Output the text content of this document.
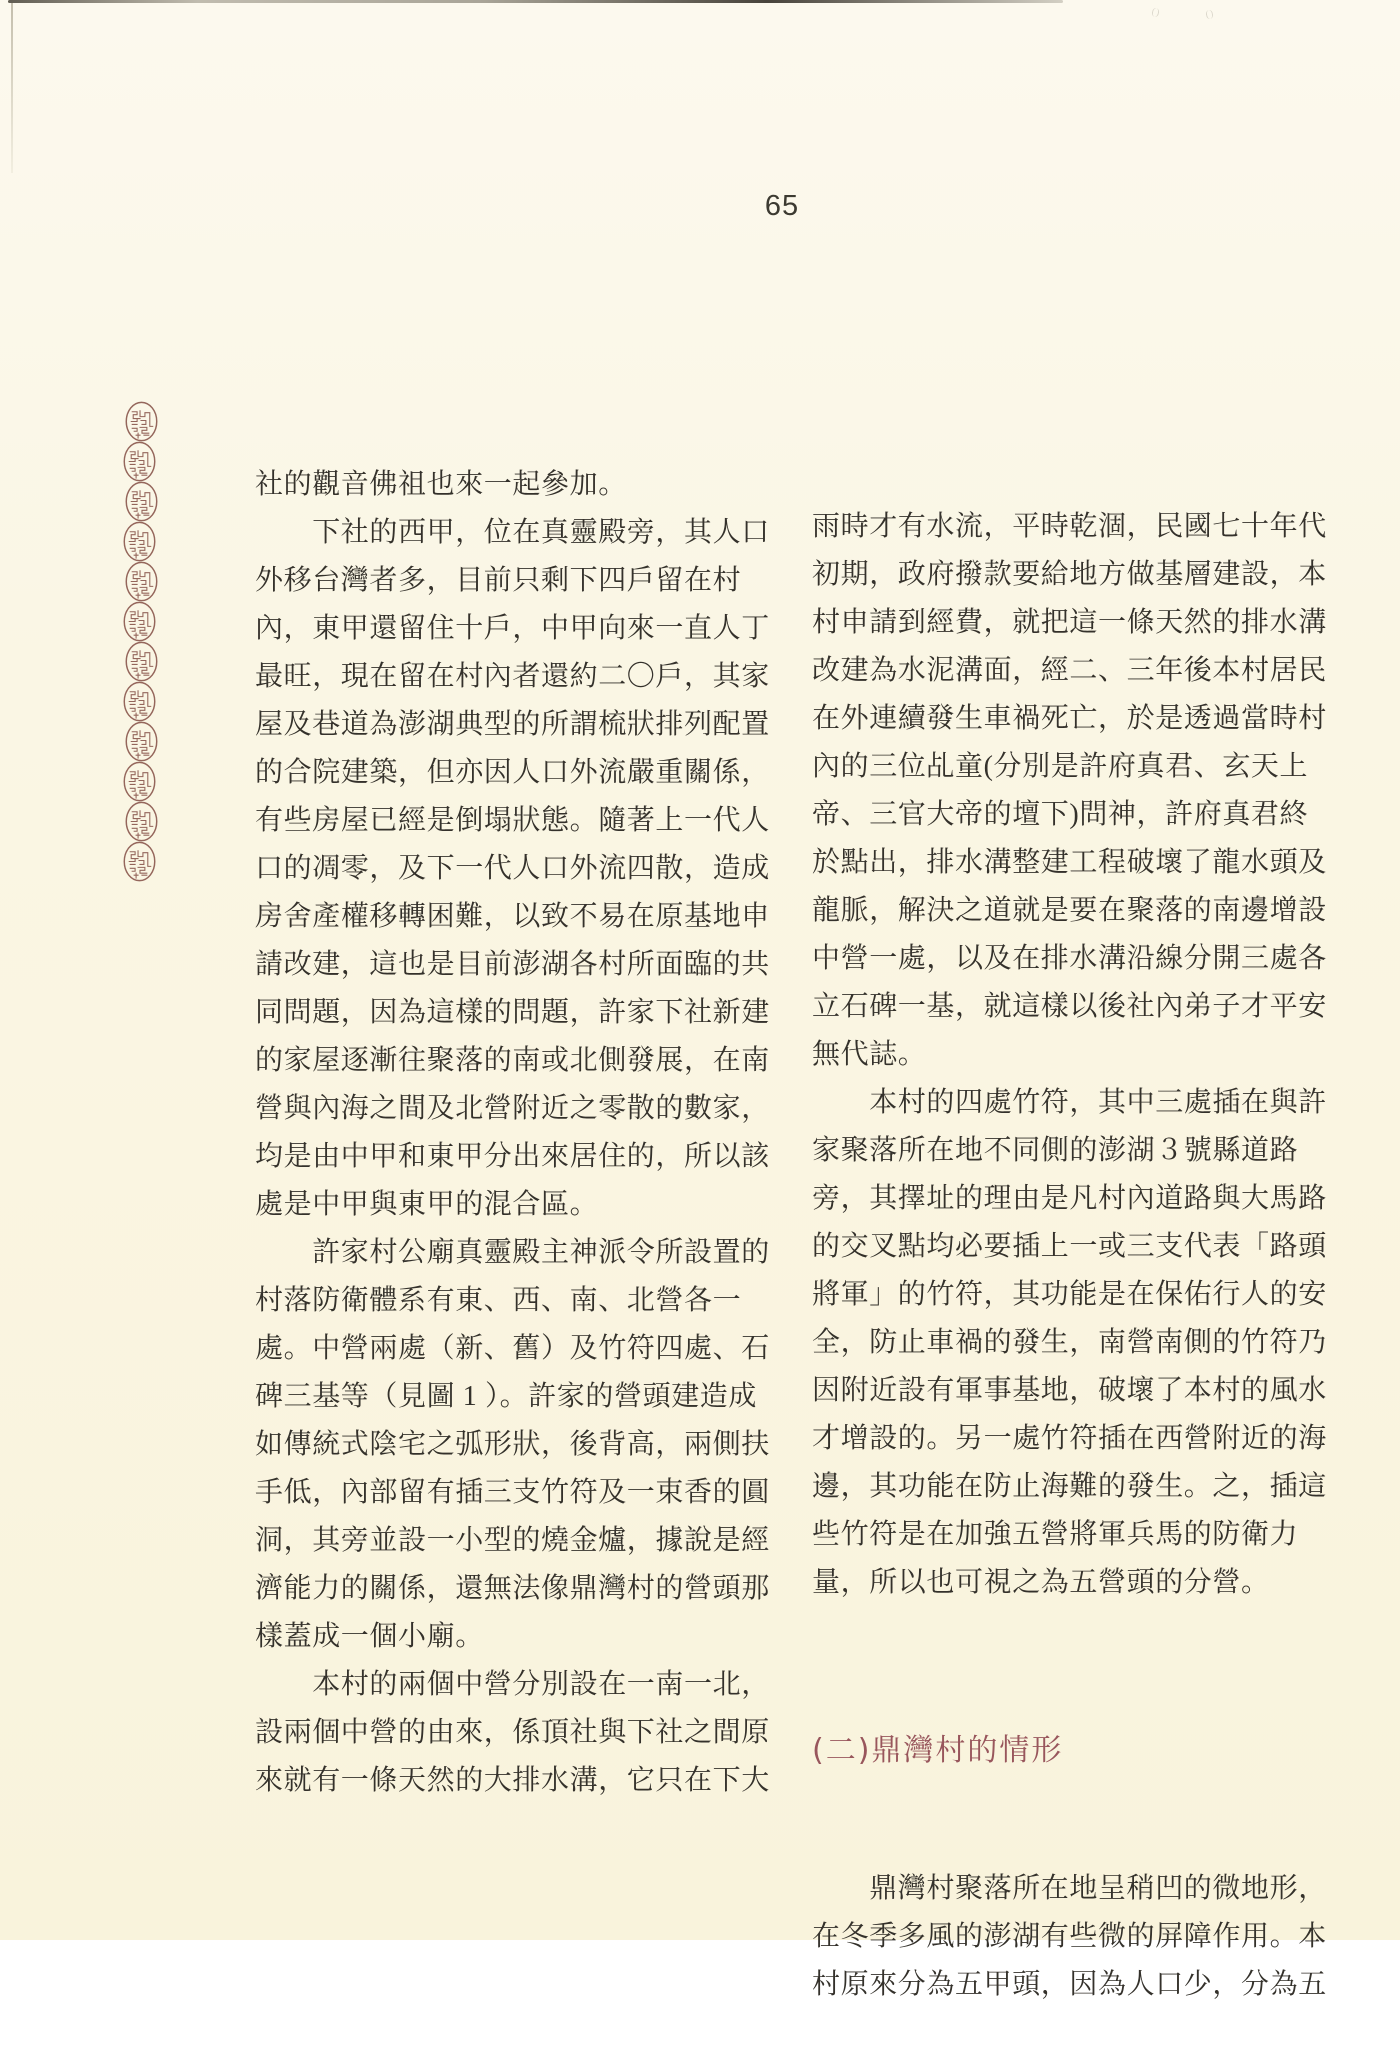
65

社的觀音佛祖也來一起參加。
　　下社的西甲，位在真靈殿旁，其人口
外移台灣者多，目前只剩下四戶留在村
內，東甲還留住十戶，中甲向來一直人丁
最旺，現在留在村內者還約二〇戶，其家
屋及巷道為澎湖典型的所謂梳狀排列配置
的合院建築，但亦因人口外流嚴重關係，
有些房屋已經是倒塌狀態。隨著上一代人
口的凋零，及下一代人口外流四散，造成
房舍產權移轉困難，以致不易在原基地申
請改建，這也是目前澎湖各村所面臨的共
同問題，因為這樣的問題，許家下社新建
的家屋逐漸往聚落的南或北側發展，在南
營與內海之間及北營附近之零散的數家，
均是由中甲和東甲分出來居住的，所以該
處是中甲與東甲的混合區。
　　許家村公廟真靈殿主神派令所設置的
村落防衛體系有東、西、南、北營各一
處。中營兩處（新、舊）及竹符四處、石
碑三基等（見圖 1 ）。許家的營頭建造成
如傳統式陰宅之弧形狀，後背高，兩側扶
手低，內部留有插三支竹符及一束香的圓
洞，其旁並設一小型的燒金爐，據說是經
濟能力的關係，還無法像鼎灣村的營頭那
樣蓋成一個小廟。
　　本村的兩個中營分別設在一南一北，
設兩個中營的由來，係頂社與下社之間原
來就有一條天然的大排水溝，它只在下大

雨時才有水流，平時乾涸，民國七十年代
初期，政府撥款要給地方做基層建設，本
村申請到經費，就把這一條天然的排水溝
改建為水泥溝面，經二、三年後本村居民
在外連續發生車禍死亡，於是透過當時村
內的三位乩童(分別是許府真君、玄天上
帝、三官大帝的壇下)問神，許府真君終
於點出，排水溝整建工程破壞了龍水頭及
龍脈，解決之道就是要在聚落的南邊增設
中營一處，以及在排水溝沿線分開三處各
立石碑一基，就這樣以後社內弟子才平安
無代誌。
　　本村的四處竹符，其中三處插在與許
家聚落所在地不同側的澎湖３號縣道路
旁，其擇址的理由是凡村內道路與大馬路
的交叉點均必要插上一或三支代表「路頭
將軍」的竹符，其功能是在保佑行人的安
全，防止車禍的發生，南營南側的竹符乃
因附近設有軍事基地，破壞了本村的風水
才增設的。另一處竹符插在西營附近的海
邊，其功能在防止海難的發生。之，插這
些竹符是在加強五營將軍兵馬的防衛力
量，所以也可視之為五營頭的分營。

(二)鼎灣村的情形

　　鼎灣村聚落所在地呈稍凹的微地形，
在冬季多風的澎湖有些微的屏障作用。本
村原來分為五甲頭，因為人口少，分為五
